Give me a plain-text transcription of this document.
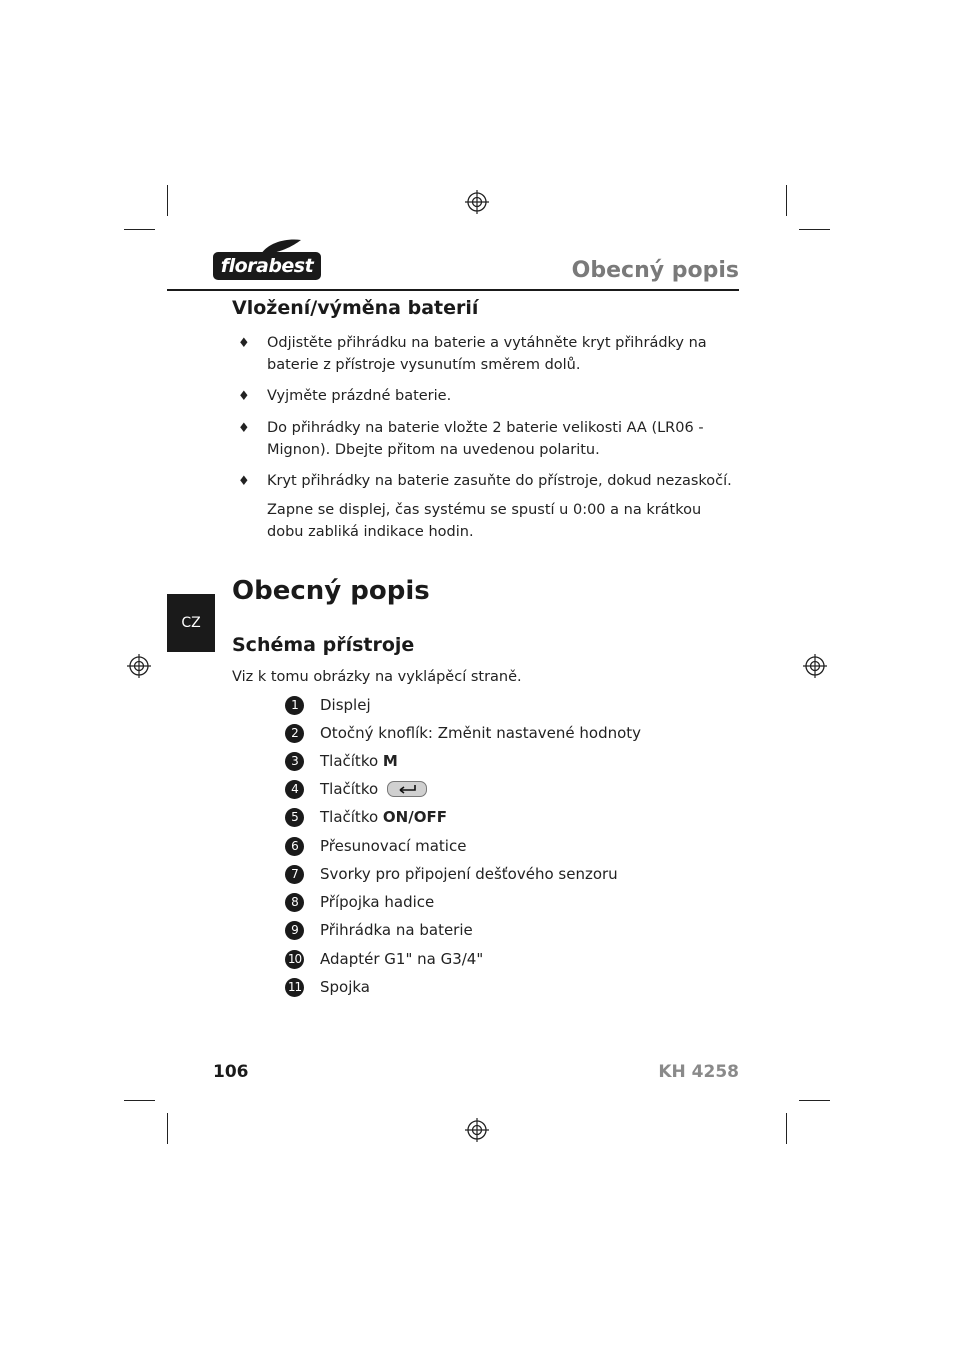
florabest	Obecný popis
Vložení/výměna baterií
♦ Odjistěte přihrádku na baterie a vytáhněte kryt přihrádky na baterie z přístroje vysunutím směrem dolů.
♦ Vyjměte prázdné baterie.
♦ Do přihrádky na baterie vložte 2 baterie velikosti AA (LR06 - Mignon). Dbejte přitom na uvedenou polaritu.
♦ Kryt přihrádky na baterie zasuňte do přístroje, dokud nezaskočí.
Zapne se displej, čas systému se spustí u 0:00 a na krátkou dobu zabliká indikace hodin.
Obecný popis
CZ
Schéma přístroje
Viz k tomu obrázky na vyklápěcí straně.
1	Displej
2	Otočný knoflík: Změnit nastavené hodnoty
3	Tlačítko M
4	Tlačítko
5	Tlačítko ON/OFF
6	Přesunovací matice
7	Svorky pro připojení dešťového senzoru
8	Přípojka hadice
9	Přihrádka na baterie
10 Adaptér G1" na G3/4"
11 Spojka
106	KH 4258
